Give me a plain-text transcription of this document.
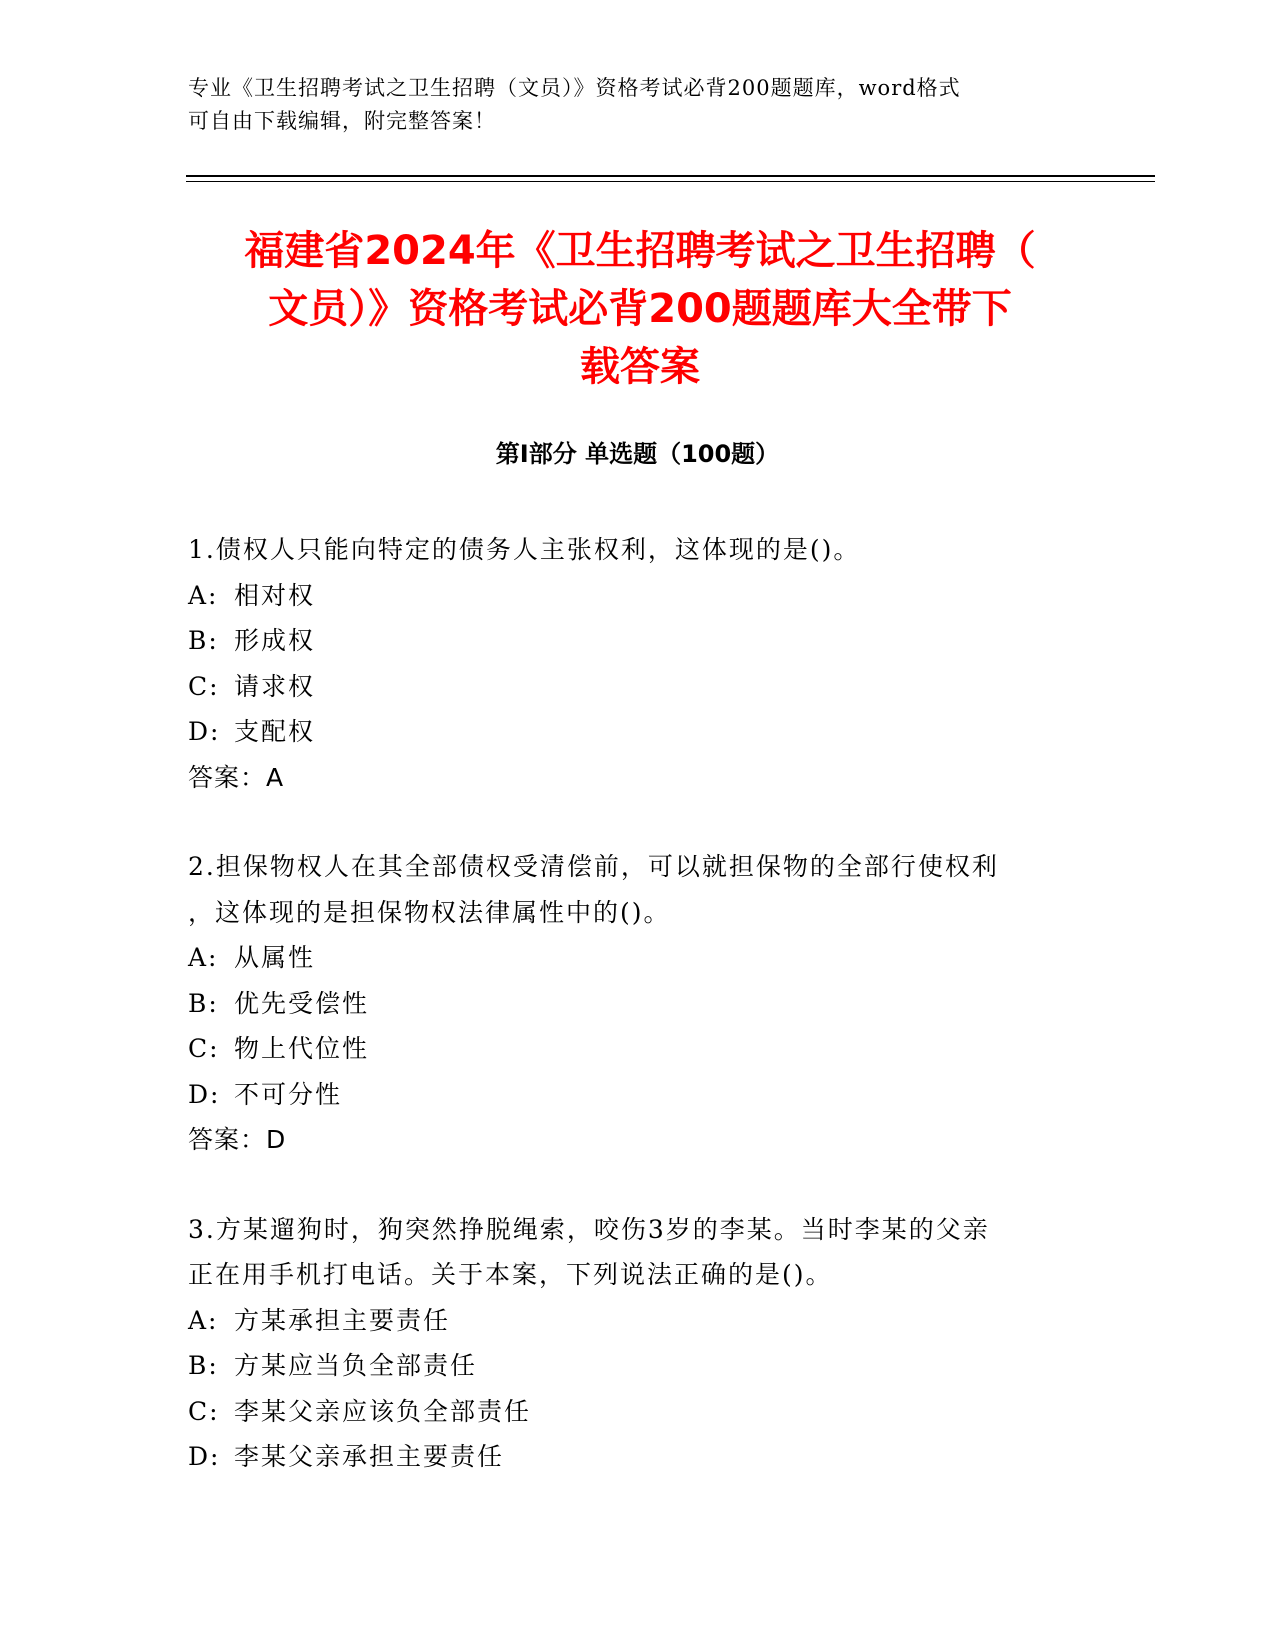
专业《卫生招聘考试之卫生招聘（文员）》资格考试必背200题题库，word格式
可自由下载编辑，附完整答案！
福建省2024年《卫生招聘考试之卫生招聘（
文员）》资格考试必背200题题库大全带下
载答案
第Ⅰ部分 单选题（100题）
1.债权人只能向特定的债务人主张权利，这体现的是()。
A: 相对权
B: 形成权
C: 请求权
D: 支配权
答案：A
2.担保物权人在其全部债权受清偿前，可以就担保物的全部行使权利
，这体现的是担保物权法律属性中的()。
A: 从属性
B: 优先受偿性
C: 物上代位性
D: 不可分性
答案：D
3.方某遛狗时，狗突然挣脱绳索，咬伤3岁的李某。当时李某的父亲
正在用手机打电话。关于本案，下列说法正确的是()。
A: 方某承担主要责任
B: 方某应当负全部责任
C: 李某父亲应该负全部责任
D: 李某父亲承担主要责任
